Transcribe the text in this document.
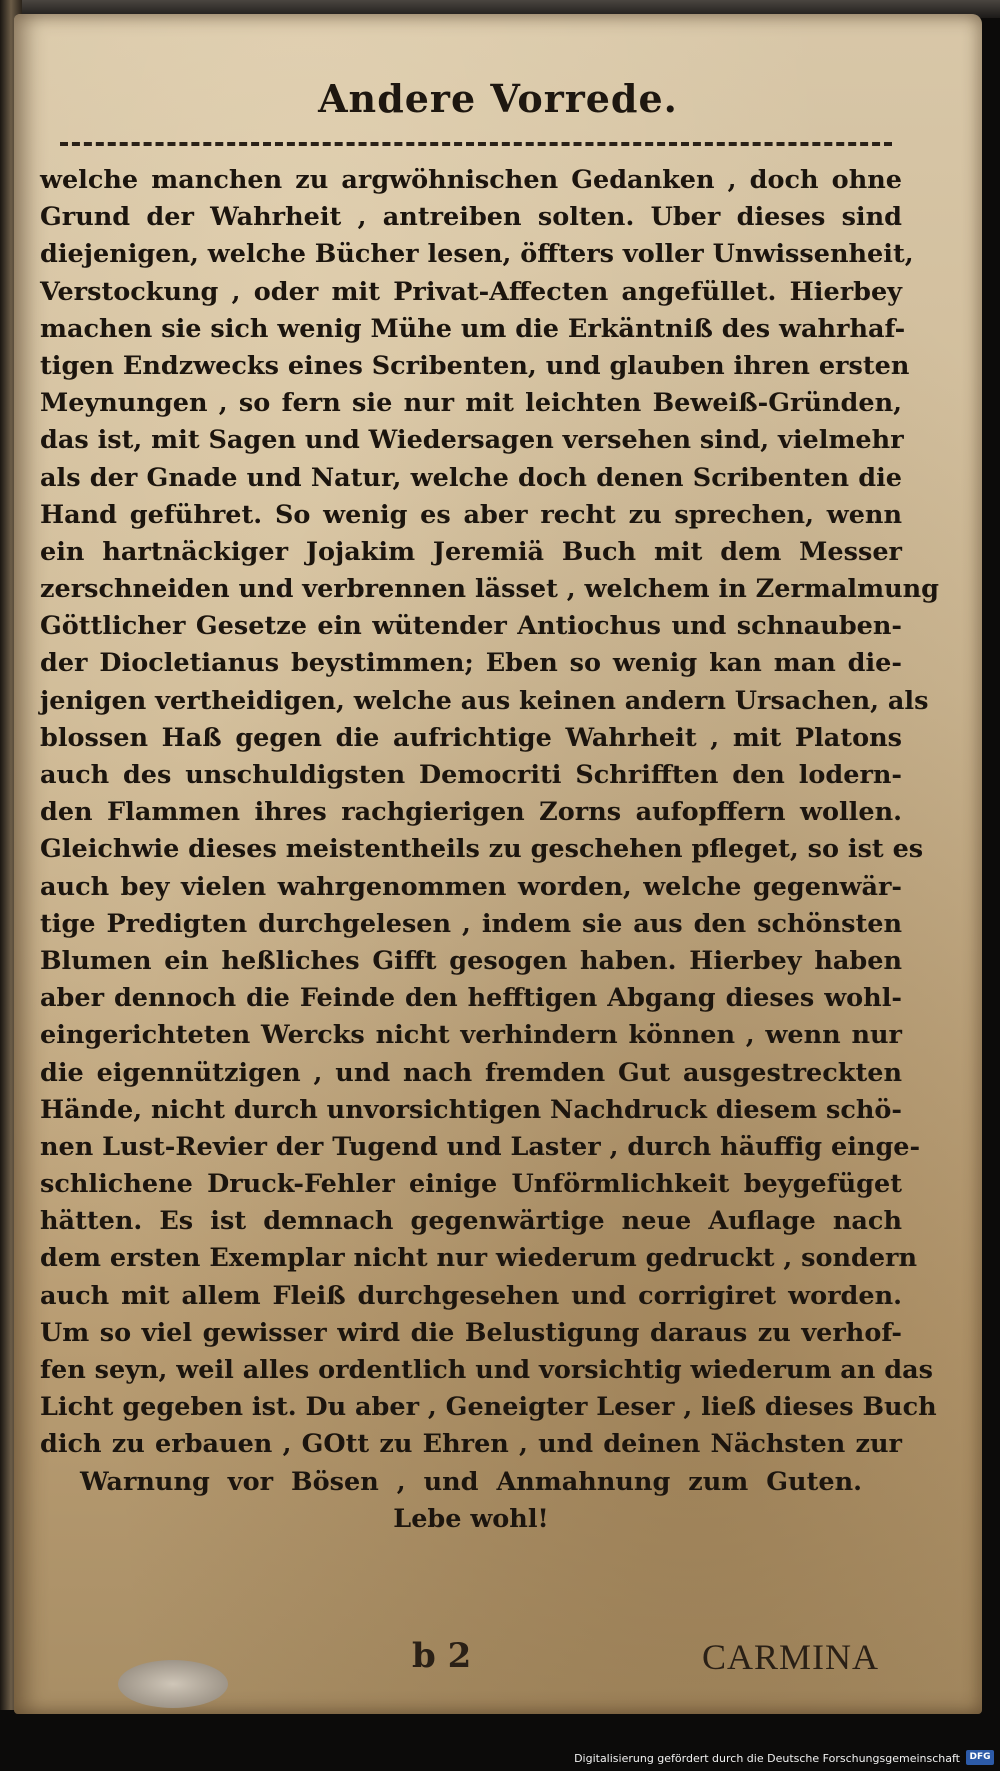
Andere Vorrede.
welche manchen zu argwöhnischen Gedanken , doch ohne
Grund der Wahrheit , antreiben solten. Uber dieses sind
diejenigen, welche Bücher lesen, öffters voller Unwissenheit,
Verstockung , oder mit Privat-Affecten angefüllet. Hierbey
machen sie sich wenig Mühe um die Erkäntniß des wahrhaf-
tigen Endzwecks eines Scribenten, und glauben ihren ersten
Meynungen , so fern sie nur mit leichten Beweiß-Gründen,
das ist, mit Sagen und Wiedersagen versehen sind, vielmehr
als der Gnade und Natur, welche doch denen Scribenten die
Hand geführet. So wenig es aber recht zu sprechen, wenn
ein hartnäckiger Jojakim Jeremiä Buch mit dem Messer
zerschneiden und verbrennen lässet , welchem in Zermalmung
Göttlicher Gesetze ein wütender Antiochus und schnauben-
der Diocletianus beystimmen; Eben so wenig kan man die-
jenigen vertheidigen, welche aus keinen andern Ursachen, als
blossen Haß gegen die aufrichtige Wahrheit , mit Platons
auch des unschuldigsten Democriti Schrifften den lodern-
den Flammen ihres rachgierigen Zorns aufopffern wollen.
Gleichwie dieses meistentheils zu geschehen pfleget, so ist es
auch bey vielen wahrgenommen worden, welche gegenwär-
tige Predigten durchgelesen , indem sie aus den schönsten
Blumen ein heßliches Gifft gesogen haben. Hierbey haben
aber dennoch die Feinde den hefftigen Abgang dieses wohl-
eingerichteten Wercks nicht verhindern können , wenn nur
die eigennützigen , und nach fremden Gut ausgestreckten
Hände, nicht durch unvorsichtigen Nachdruck diesem schö-
nen Lust-Revier der Tugend und Laster , durch häuffig einge-
schlichene Druck-Fehler einige Unförmlichkeit beygefüget
hätten. Es ist demnach gegenwärtige neue Auflage nach
dem ersten Exemplar nicht nur wiederum gedruckt , sondern
auch mit allem Fleiß durchgesehen und corrigiret worden.
Um so viel gewisser wird die Belustigung daraus zu verhof-
fen seyn, weil alles ordentlich und vorsichtig wiederum an das
Licht gegeben ist. Du aber , Geneigter Leser , ließ dieses Buch
dich zu erbauen , GOtt zu Ehren , und deinen Nächsten zur
Warnung vor Bösen , und Anmahnung zum Guten.
Lebe wohl!
b 2	CARMINA
Digitalisierung gefördert durch die Deutsche Forschungsgemeinschaft	DFG
